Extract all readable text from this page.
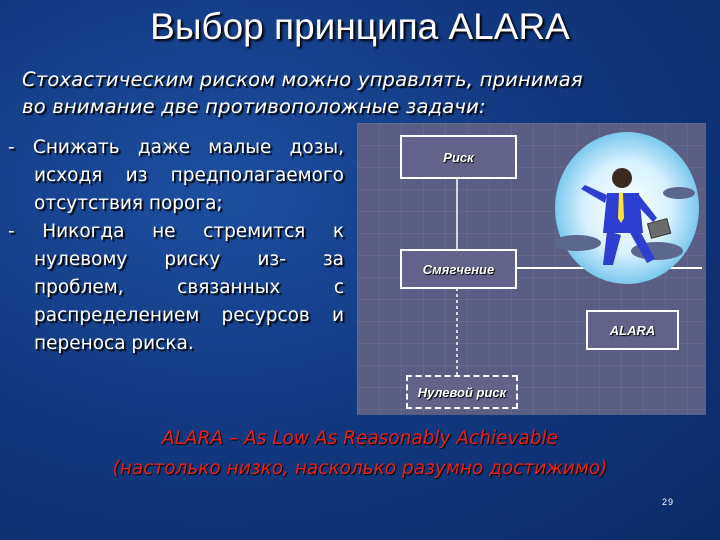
Выбор принципа ALARA
Стохастическим риском можно управлять, принимая
во внимание две противоположные задачи:

- Снижать даже малые дозы, исходя из предполагаемого отсутствия порога;

- Никогда не стремится к нулевому риску из- за проблем, связанных с распределением ресурсов и переноса риска.

Риск
Смягчение
ALARA
Нулевой риск
ALARA – As Low As Reasonably Achievable
(настолько низко, насколько разумно достижимо)
29
